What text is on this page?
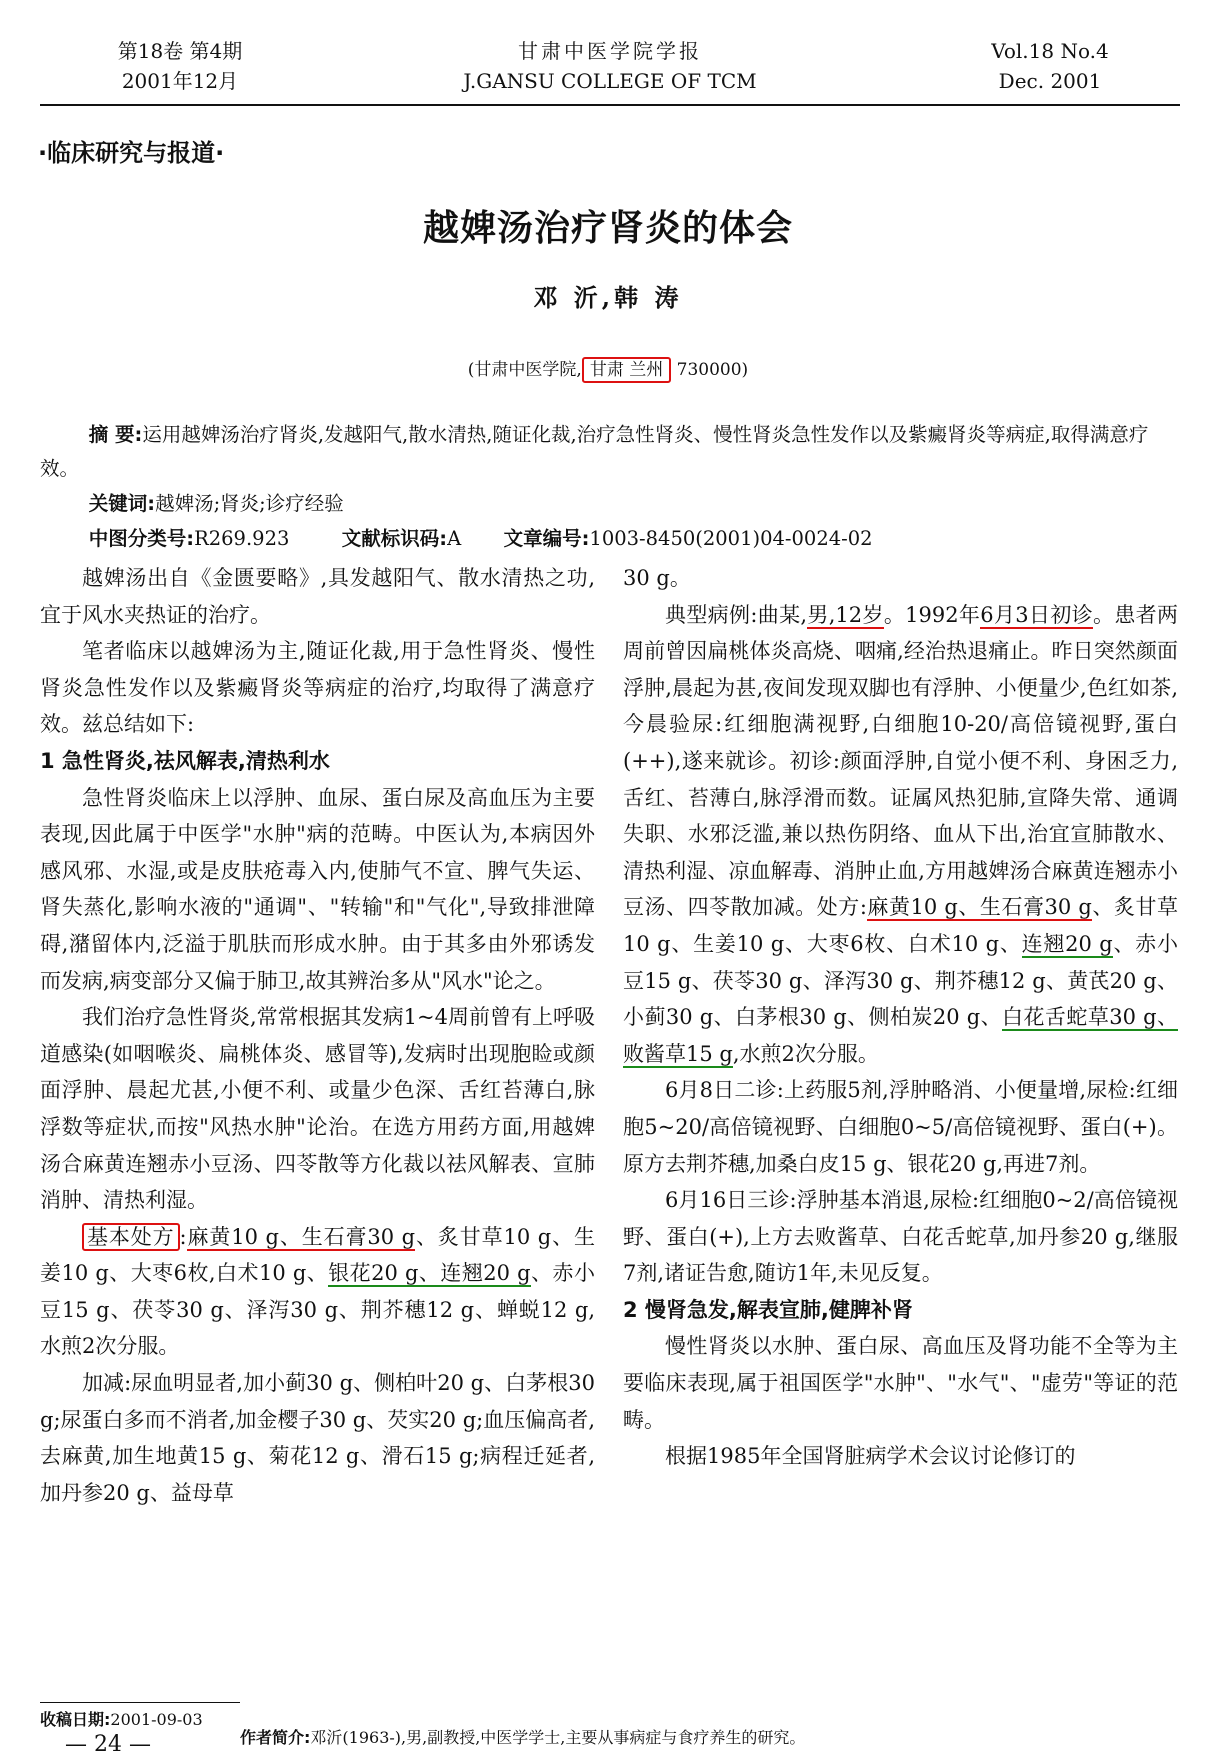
第18卷 第4期
2001年12月
甘肃中医学院学报
J.GANSU COLLEGE OF TCM
Vol.18 No.4
Dec. 2001
·临床研究与报道·
越婢汤治疗肾炎的体会
邓 沂,韩 涛
(甘肃中医学院, 甘肃 兰州 730000)
摘 要:运用越婢汤治疗肾炎,发越阳气,散水清热,随证化裁,治疗急性肾炎、慢性肾炎急性发作以及紫癜肾炎等病症,取得满意疗效。
关键词:越婢汤;肾炎;诊疗经验
中图分类号:R269.923	文献标识码:A 文章编号:1003-8450(2001)04-0024-02

越婢汤出自《金匮要略》,具发越阳气、散水清热之功,宜于风水夹热证的治疗。

笔者临床以越婢汤为主,随证化裁,用于急性肾炎、慢性肾炎急性发作以及紫癜肾炎等病症的治疗,均取得了满意疗效。兹总结如下:

1 急性肾炎,祛风解表,清热利水

急性肾炎临床上以浮肿、血尿、蛋白尿及高血压为主要表现,因此属于中医学"水肿"病的范畴。中医认为,本病因外感风邪、水湿,或是皮肤疮毒入内,使肺气不宣、脾气失运、肾失蒸化,影响水液的"通调"、"转输"和"气化",导致排泄障碍,潴留体内,泛溢于肌肤而形成水肿。由于其多由外邪诱发而发病,病变部分又偏于肺卫,故其辨治多从"风水"论之。

我们治疗急性肾炎,常常根据其发病1~4周前曾有上呼吸道感染(如咽喉炎、扁桃体炎、感冒等),发病时出现胞睑或颜面浮肿、晨起尤甚,小便不利、或量少色深、舌红苔薄白,脉浮数等症状,而按"风热水肿"论治。在选方用药方面,用越婢汤合麻黄连翘赤小豆汤、四苓散等方化裁以祛风解表、宣肺消肿、清热利湿。

基本处方 :麻黄10 g、生石膏30 g、炙甘草10 g、生姜10 g、大枣6枚,白术10 g、银花20 g、连翘20 g、赤小豆15 g、茯苓30 g、泽泻30 g、荆芥穗12 g、蝉蜕12 g,水煎2次分服。

加减:尿血明显者,加小蓟30 g、侧柏叶20 g、白茅根30 g;尿蛋白多而不消者,加金樱子30 g、芡实20 g;血压偏高者,去麻黄,加生地黄15 g、菊花12 g、滑石15 g;病程迁延者,加丹参20 g、益母草

30 g。

典型病例:曲某,男,12岁。1992年6月3日初诊。患者两周前曾因扁桃体炎高烧、咽痛,经治热退痛止。昨日突然颜面浮肿,晨起为甚,夜间发现双脚也有浮肿、小便量少,色红如茶,今晨验尿:红细胞满视野,白细胞10-20/高倍镜视野,蛋白(++),遂来就诊。初诊:颜面浮肿,自觉小便不利、身困乏力,舌红、苔薄白,脉浮滑而数。证属风热犯肺,宣降失常、通调失职、水邪泛滥,兼以热伤阴络、血从下出,治宜宣肺散水、清热利湿、凉血解毒、消肿止血,方用越婢汤合麻黄连翘赤小豆汤、四苓散加减。处方:麻黄10 g、生石膏30 g、炙甘草10 g、生姜10 g、大枣6枚、白术10 g、连翘20 g、赤小豆15 g、茯苓30 g、泽泻30 g、荆芥穗12 g、黄芪20 g、小蓟30 g、白茅根30 g、侧柏炭20 g、白花舌蛇草30 g、败酱草15 g,水煎2次分服。

6月8日二诊:上药服5剂,浮肿略消、小便量增,尿检:红细胞5~20/高倍镜视野、白细胞0~5/高倍镜视野、蛋白(+)。原方去荆芥穗,加桑白皮15 g、银花20 g,再进7剂。

6月16日三诊:浮肿基本消退,尿检:红细胞0~2/高倍镜视野、蛋白(+),上方去败酱草、白花舌蛇草,加丹参20 g,继服7剂,诸证告愈,随访1年,未见反复。

2 慢肾急发,解表宣肺,健脾补肾

慢性肾炎以水肿、蛋白尿、高血压及肾功能不全等为主要临床表现,属于祖国医学"水肿"、"水气"、"虚劳"等证的范畴。

根据1985年全国肾脏病学术会议讨论修订的

收稿日期:2001-09-03
作者简介:邓沂(1963-),男,副教授,中医学学士,主要从事病症与食疗养生的研究。
— 24 —
